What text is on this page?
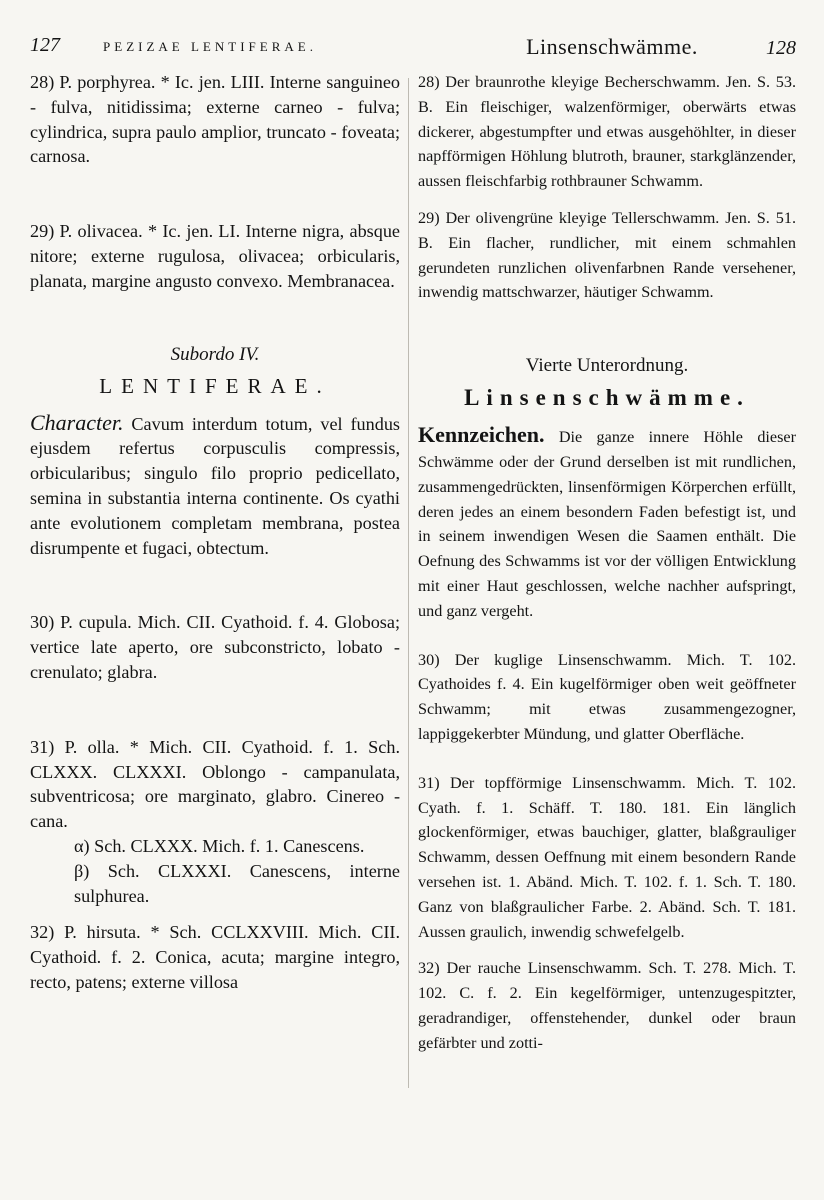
127	PEZIZAE LENTIFERAE.

28) P. porphyrea. * Ic. jen. LIII. Interne sanguineo - fulva, nitidissima; externe carneo - fulva; cylindrica, supra paulo amplior, truncato - foveata; carnosa.

29) P. olivacea. * Ic. jen. LI. Interne nigra, absque nitore; externe rugulosa, olivacea; orbicularis, planata, margine angusto convexo. Membranacea.

Subordo IV.

LENTIFERAE.

Character. Cavum interdum totum, vel fundus ejusdem refertus corpusculis compressis, orbicularibus; singulo filo proprio pedicellato, semina in substantia interna continente. Os cyathi ante evolutionem completam membrana, postea disrumpente et fugaci, obtectum.

30) P. cupula. Mich. CII. Cyathoid. f. 4. Globosa; vertice late aperto, ore subconstricto, lobato - crenulato; glabra.

31) P. olla. * Mich. CII. Cyathoid. f. 1. Sch. CLXXX. CLXXXI. Oblongo - campanulata, subventricosa; ore marginato, glabro. Cinereo - cana.

α) Sch. CLXXX. Mich. f. 1. Canescens.

β) Sch. CLXXXI. Canescens, interne sulphurea.

32) P. hirsuta. * Sch. CCLXXVIII. Mich. CII. Cyathoid. f. 2. Conica, acuta; margine integro, recto, patens; externe villosa

Linsenschwämme.	128

28) Der braunrothe kleyige Becherschwamm. Jen. S. 53. B. Ein fleischiger, walzenförmiger, oberwärts etwas dickerer, abgestumpfter und etwas ausgehöhlter, in dieser napfförmigen Höhlung blutroth, brauner, starkglänzender, aussen fleischfarbig rothbrauner Schwamm.

29) Der olivengrüne kleyige Tellerschwamm. Jen. S. 51. B. Ein flacher, rundlicher, mit einem schmahlen gerundeten runzlichen olivenfarbnen Rande versehener, inwendig mattschwarzer, häutiger Schwamm.

Vierte Unterordnung.

Linsenschwämme.

Kennzeichen. Die ganze innere Höhle dieser Schwämme oder der Grund derselben ist mit rundlichen, zusammengedrückten, linsenförmigen Körperchen erfüllt, deren jedes an einem besondern Faden befestigt ist, und in seinem inwendigen Wesen die Saamen enthält. Die Oefnung des Schwamms ist vor der völligen Entwicklung mit einer Haut geschlossen, welche nachher aufspringt, und ganz vergeht.

30) Der kuglige Linsenschwamm. Mich. T. 102. Cyathoides f. 4. Ein kugelförmiger oben weit geöffneter Schwamm; mit etwas zusammengezogner, lappiggekerbter Mündung, und glatter Oberfläche.

31) Der topfförmige Linsenschwamm. Mich. T. 102. Cyath. f. 1. Schäff. T. 180. 181. Ein länglich glockenförmiger, etwas bauchiger, glatter, blaßgrauliger Schwamm, dessen Oeffnung mit einem besondern Rande versehen ist. 1. Abänd. Mich. T. 102. f. 1. Sch. T. 180. Ganz von blaßgraulicher Farbe. 2. Abänd. Sch. T. 181. Aussen graulich, inwendig schwefelgelb.

32) Der rauche Linsenschwamm. Sch. T. 278. Mich. T. 102. C. f. 2. Ein kegelförmiger, untenzugespitzter, geradrandiger, offenstehender, dunkel oder braun gefärbter und zotti-
